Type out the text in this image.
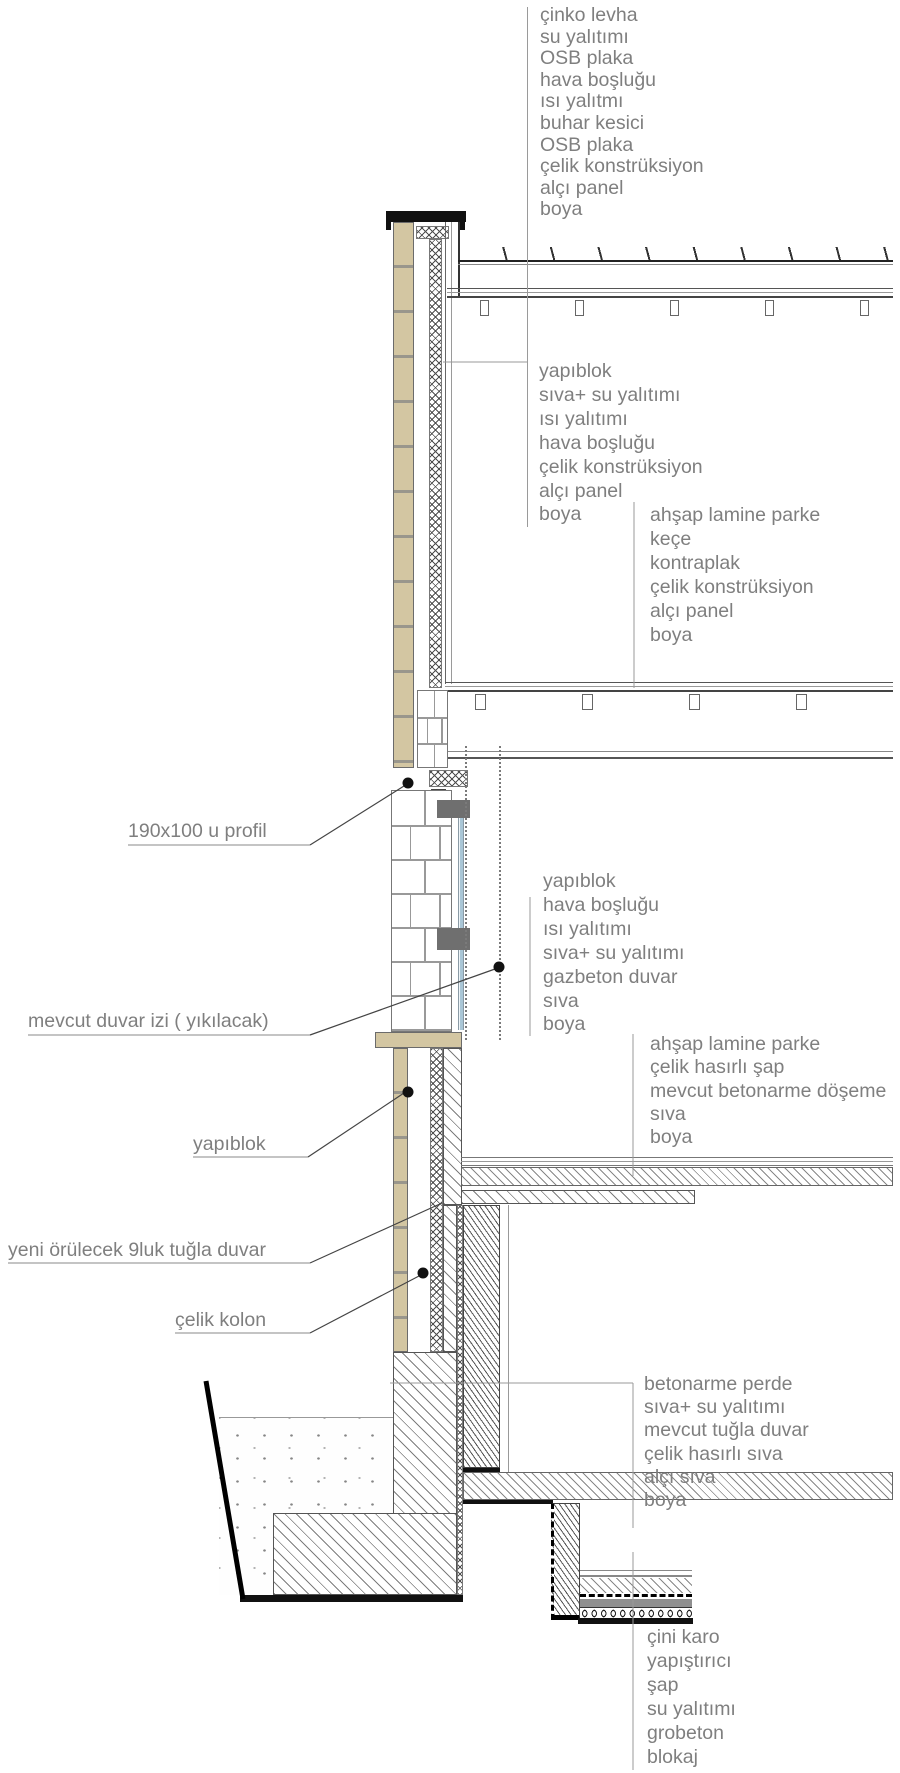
çinko levha
su yalıtımı
OSB plaka
hava boşluğu
ısı yalıtmı
buhar kesici
OSB plaka
çelik konstrüksiyon
alçı panel
boya
yapıblok
sıva+ su yalıtımı
ısı yalıtımı
hava boşluğu
çelik konstrüksiyon
alçı panel
boya	ahşap lamine parke
keçe
kontraplak
çelik konstrüksiyon
alçı panel
boya
yapıblok
hava boşluğu
ısı yalıtımı
sıva+ su yalıtımı
gazbeton duvar
sıva
boya
ahşap lamine parke
çelik hasırlı şap
mevcut betonarme döşeme
sıva
boya
betonarme perde
sıva+ su yalıtımı
mevcut tuğla duvar
çelik hasırlı sıva
alçı sıva
boya
çini karo
yapıştırıcı
şap
su yalıtımı
grobeton
blokaj
190x100 u profil
mevcut duvar izi ( yıkılacak)
yapıblok
yeni örülecek 9luk tuğla duvar
çelik kolon
